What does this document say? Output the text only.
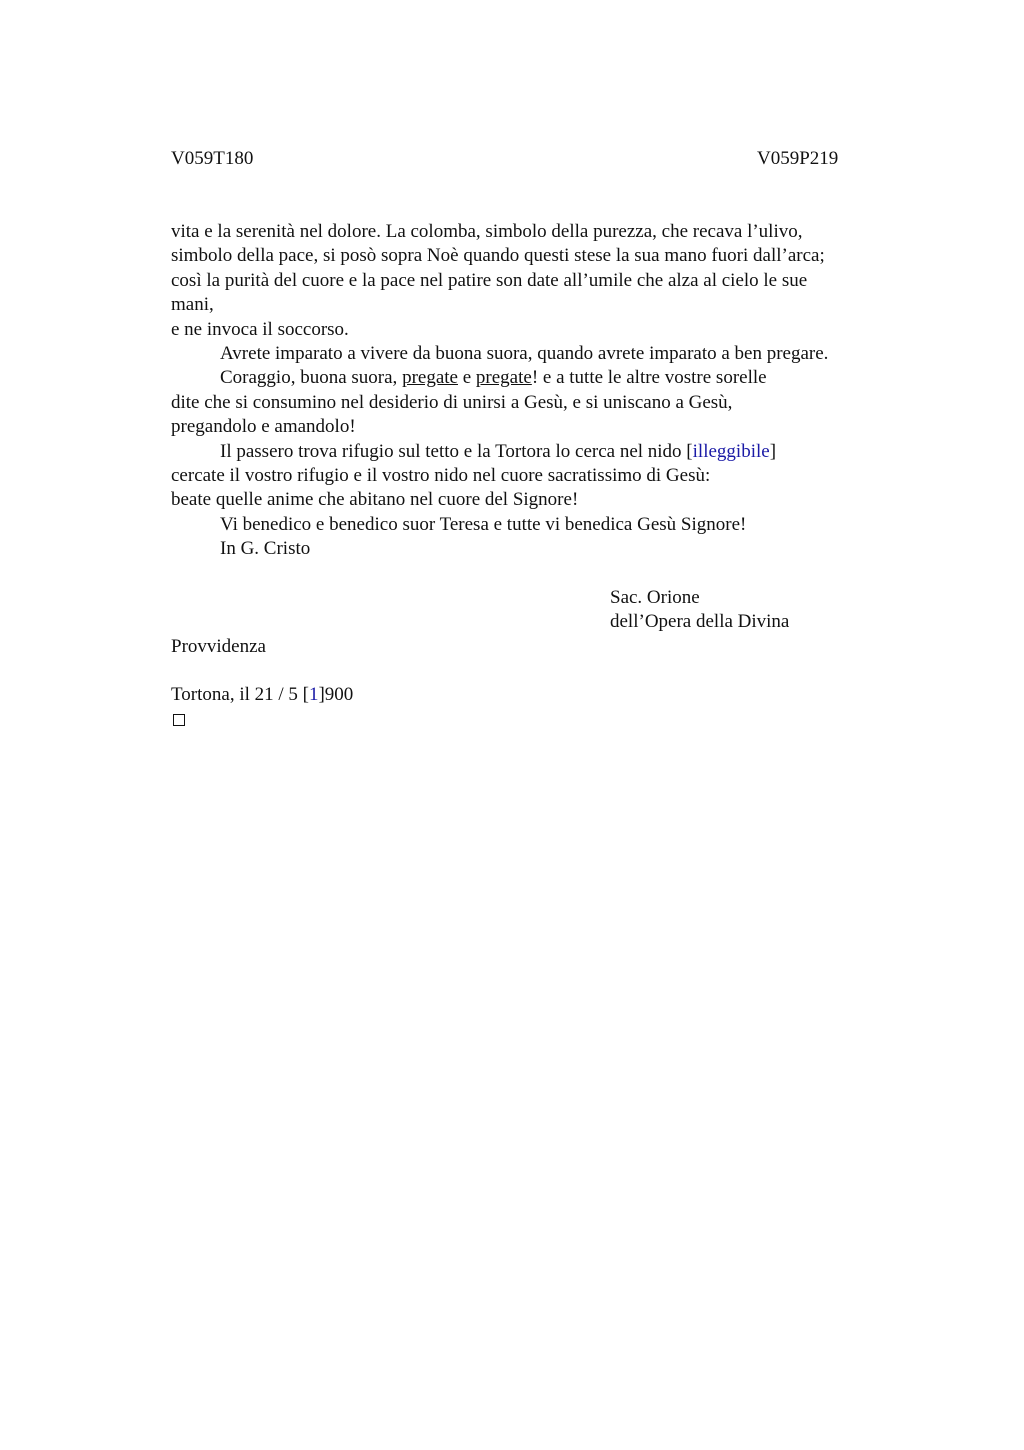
V059T180	V059P219
vita e la serenità nel dolore. La colomba, simbolo della purezza, che recava l’ulivo,
simbolo della pace, si posò sopra Noè quando questi stese la sua mano fuori dall’arca;
così la purità del cuore e la pace nel patire son date all’umile che alza al cielo le sue
mani,
e ne invoca il soccorso.
Avrete imparato a vivere da buona suora, quando avrete imparato a ben pregare.
Coraggio, buona suora, pregate e pregate! e a tutte le altre vostre sorelle
dite che si consumino nel desiderio di unirsi a Gesù, e si uniscano a Gesù,
pregandolo e amandolo!
Il passero trova rifugio sul tetto e la Tortora lo cerca nel nido [illeggibile]
cercate il vostro rifugio e il vostro nido nel cuore sacratissimo di Gesù:
beate quelle anime che abitano nel cuore del Signore!
Vi benedico e benedico suor Teresa e tutte vi benedica Gesù Signore!
In G. Cristo
Sac. Orione
dell’Opera della Divina
Provvidenza
Tortona, il 21 / 5 [1]900
